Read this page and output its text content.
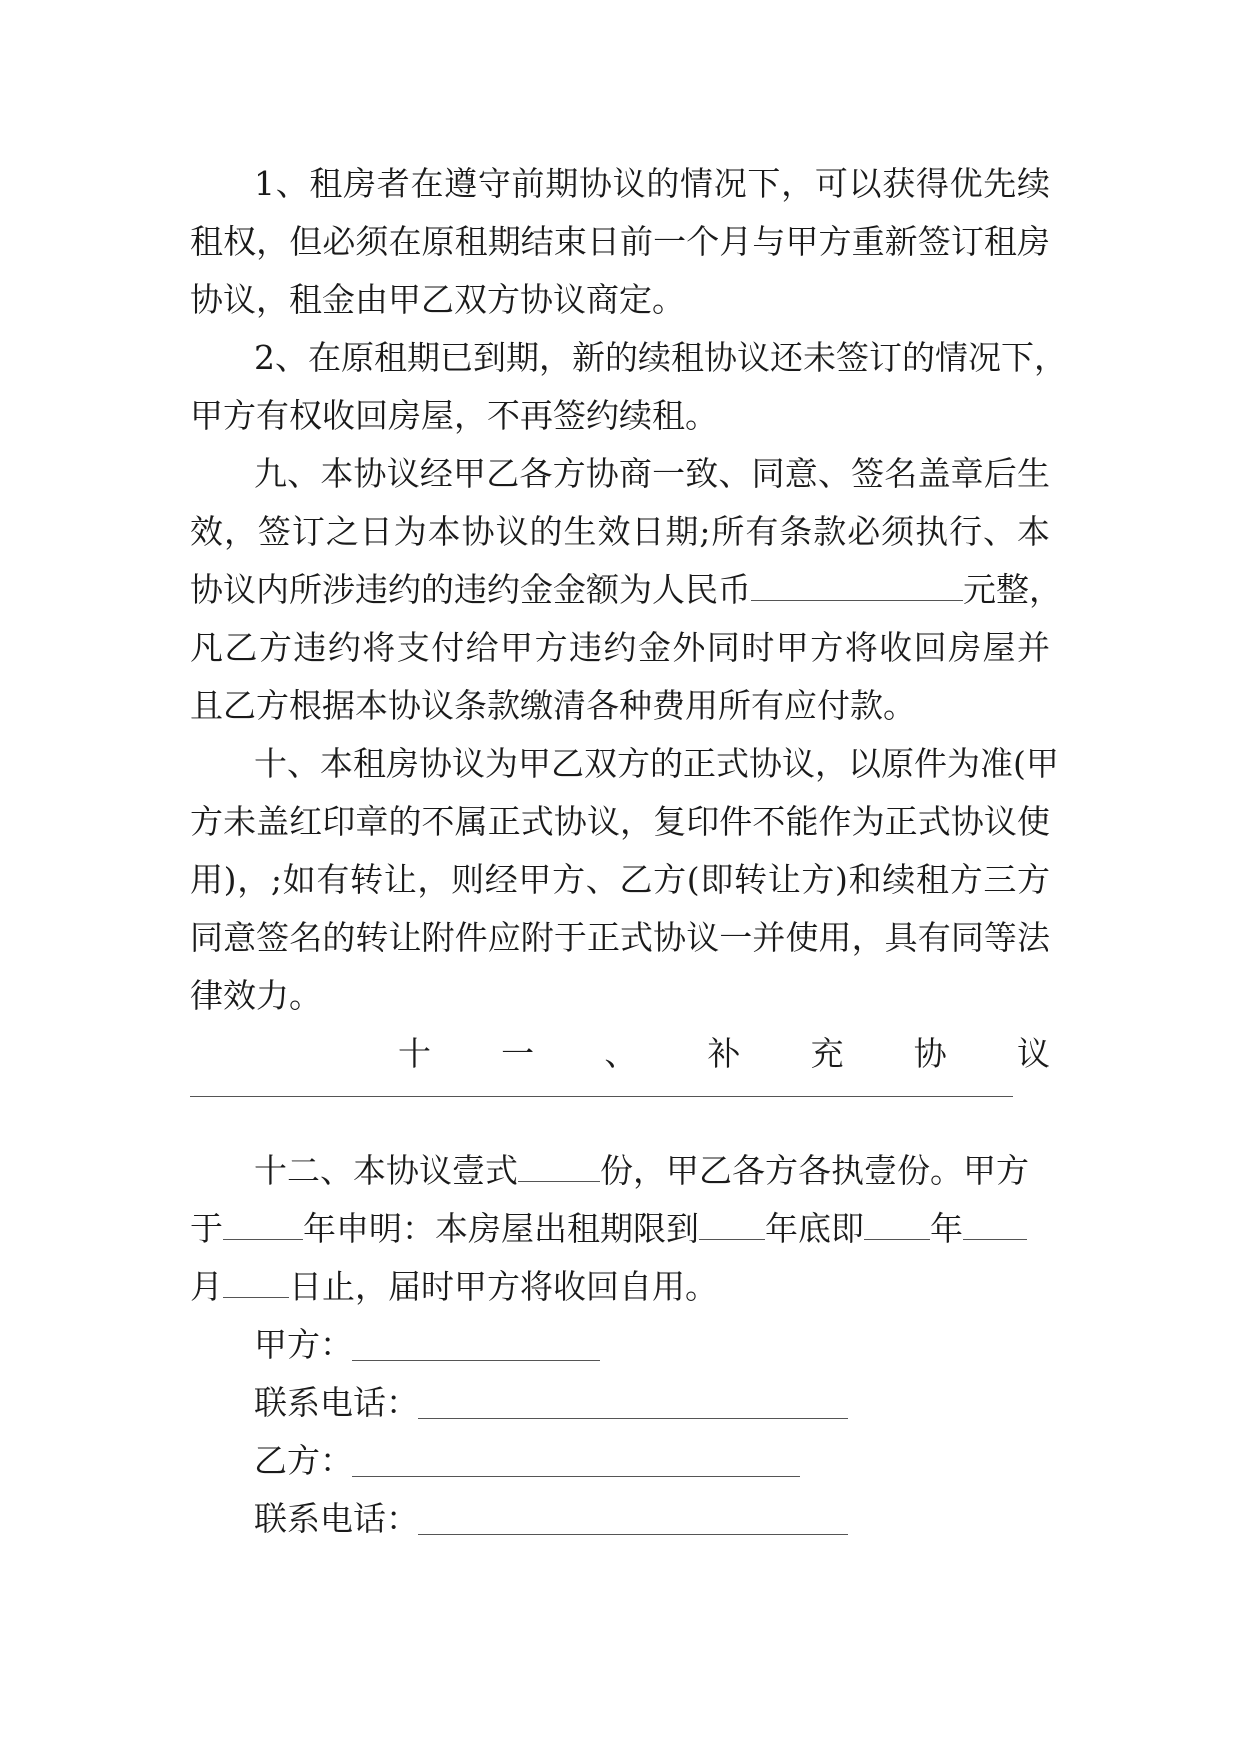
1、租房者在遵守前期协议的情况下，可以获得优先续
租权，但必须在原租期结束日前一个月与甲方重新签订租房
协议，租金由甲乙双方协议商定。
2、在原租期已到期，新的续租协议还未签订的情况下，
甲方有权收回房屋，不再签约续租。
九、本协议经甲乙各方协商一致、同意、签名盖章后生
效，签订之日为本协议的生效日期;所有条款必须执行、本
协议内所涉违约的违约金金额为人民币	元整，
凡乙方违约将支付给甲方违约金外同时甲方将收回房屋并
且乙方根据本协议条款缴清各种费用所有应付款。
十、本租房协议为甲乙双方的正式协议，以原件为准(甲
方未盖红印章的不属正式协议，复印件不能作为正式协议使
用)，;如有转让，则经甲方、乙方(即转让方)和续租方三方
同意签名的转让附件应附于正式协议一并使用，具有同等法
律效力。
十 一 、 补 充 协 议
十二、本协议壹式 份，甲乙各方各执壹份。甲方
于 年申明：本房屋出租期限到 年底即 年
月 日止，届时甲方将收回自用。
甲方：
联系电话：
乙方：
联系电话：
